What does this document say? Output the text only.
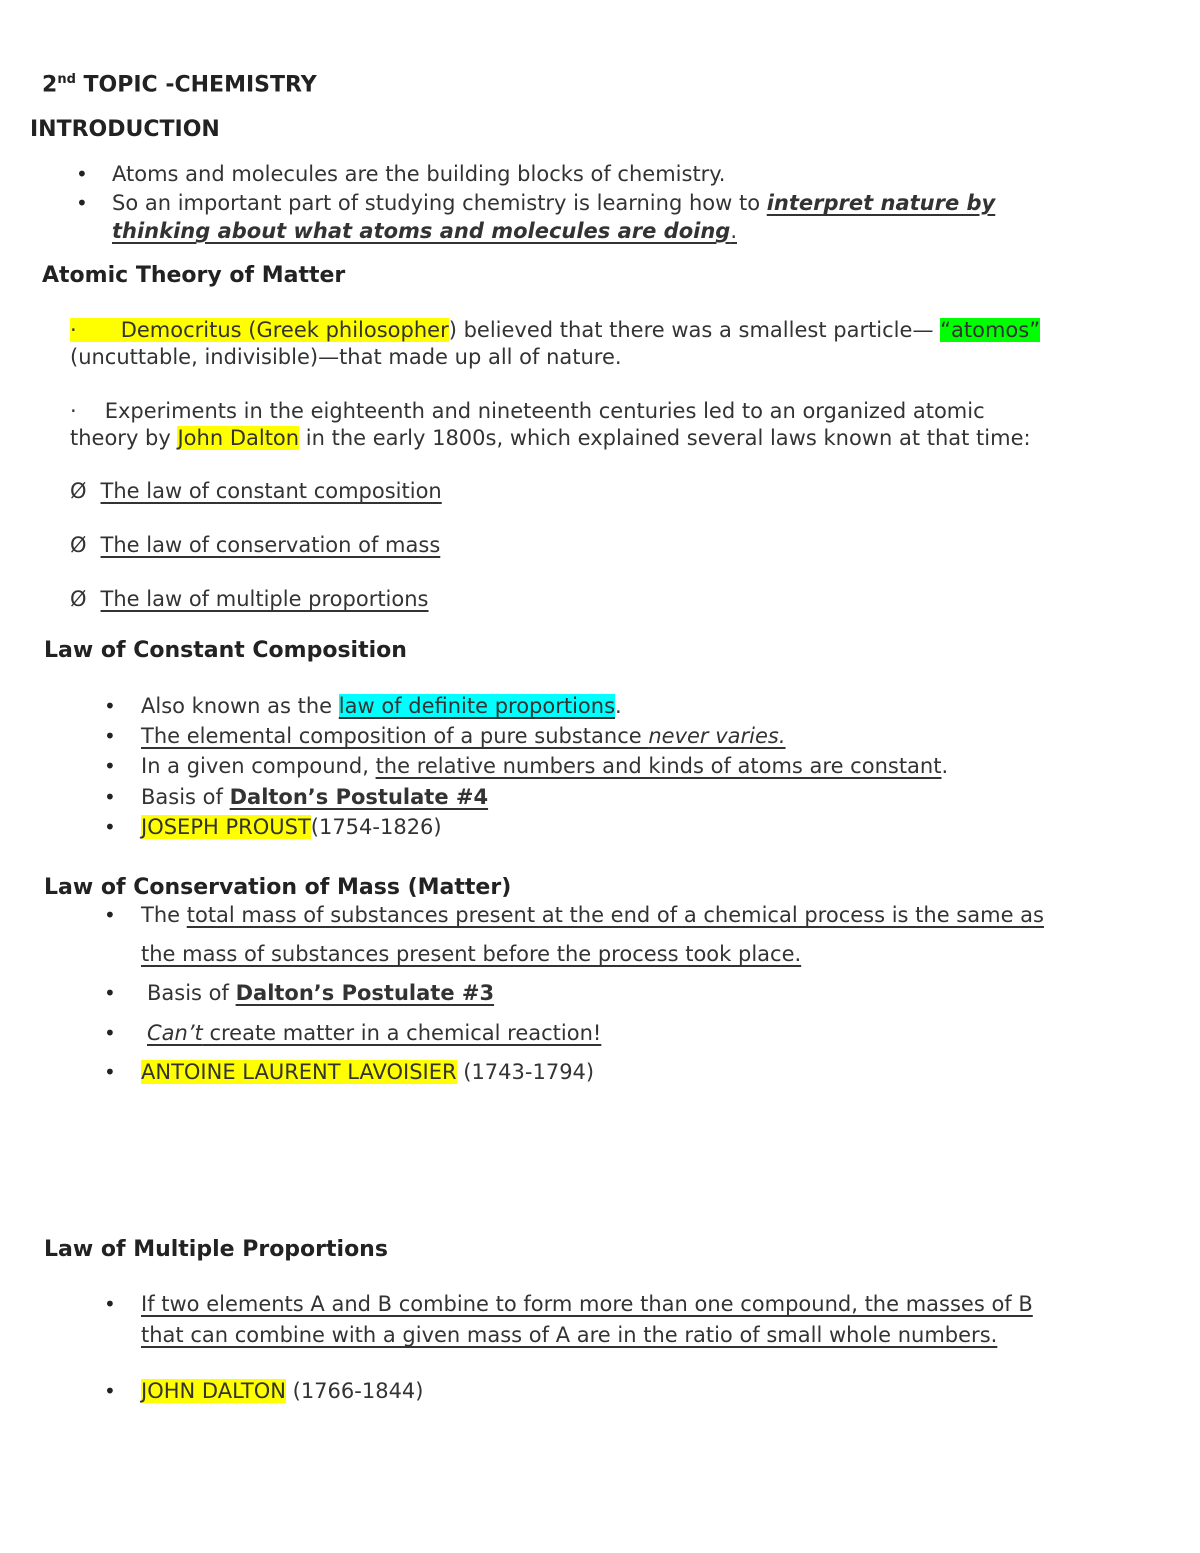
2nd TOPIC -CHEMISTRY
INTRODUCTION
• Atoms and molecules are the building blocks of chemistry.
• So an important part of studying chemistry is learning how to interpret nature by
thinking about what atoms and molecules are doing.
Atomic Theory of Matter
· Democritus (Greek philosopher) believed that there was a smallest particle— “atomos”
(uncuttable, indivisible)—that made up all of nature.
· Experiments in the eighteenth and nineteenth centuries led to an organized atomic
theory by John Dalton in the early 1800s, which explained several laws known at that time:
Ø The law of constant composition
Ø The law of conservation of mass
Ø The law of multiple proportions
Law of Constant Composition
• Also known as the law of definite proportions.
• The elemental composition of a pure substance never varies.
• In a given compound, the relative numbers and kinds of atoms are constant.
• Basis of Dalton’s Postulate #4
• JOSEPH PROUST(1754-1826)
Law of Conservation of Mass (Matter)
• The total mass of substances present at the end of a chemical process is the same as
the mass of substances present before the process took place.
• Basis of Dalton’s Postulate #3
• Can’t create matter in a chemical reaction!
• ANTOINE LAURENT LAVOISIER (1743-1794)
Law of Multiple Proportions
• If two elements A and B combine to form more than one compound, the masses of B
that can combine with a given mass of A are in the ratio of small whole numbers.
• JOHN DALTON (1766-1844)
